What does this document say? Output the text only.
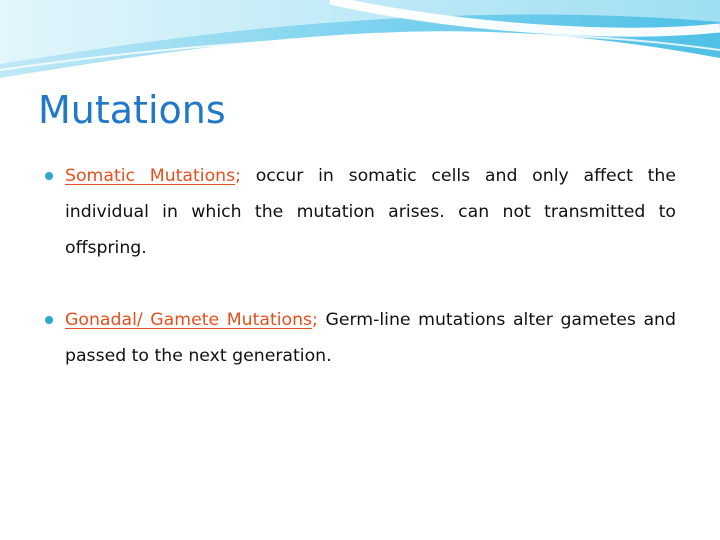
Mutations

Somatic Mutations; occur in somatic cells and only affect the individual in which the mutation arises. can not transmitted to offspring.

Gonadal/ Gamete Mutations; Germ-line mutations alter gametes and passed to the next generation.
